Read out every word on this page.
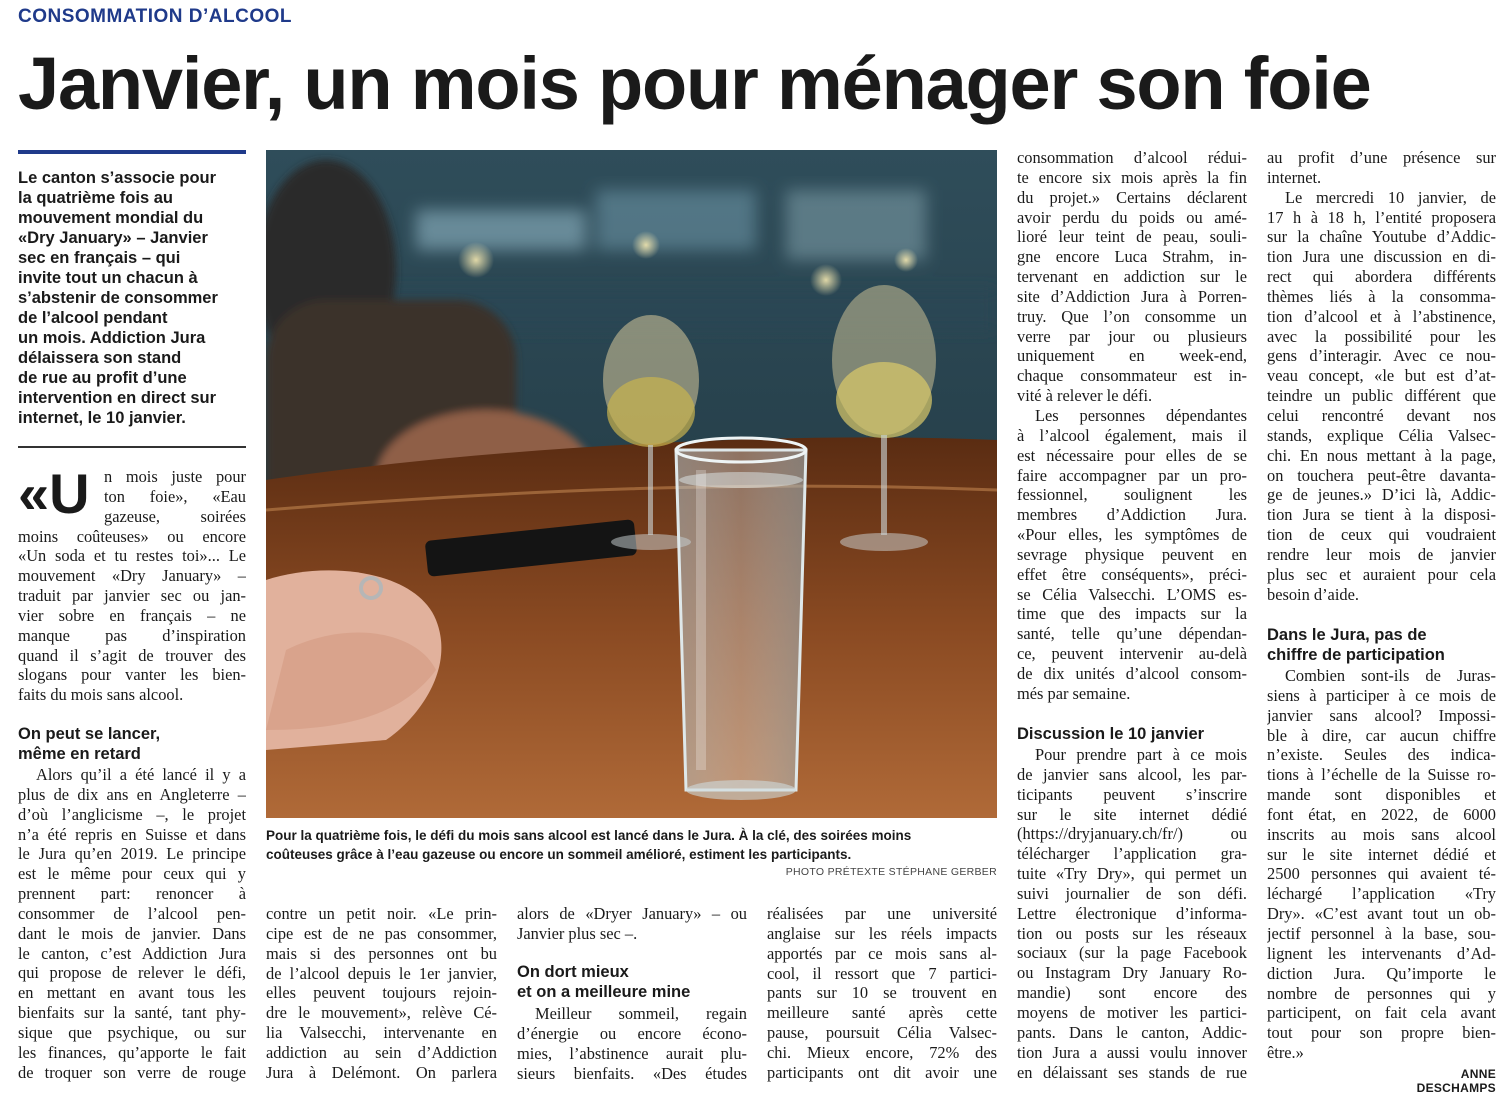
CONSOMMATION D’ALCOOL
Janvier, un mois pour ménager son foie
Le canton s’associe pour
la quatrième fois au
mouvement mondial du
«Dry January» – Janvier
sec en français – qui
invite tout un chacun à
s’abstenir de consommer
de l’alcool pendant
un mois. Addiction Jura
délaissera son stand
de rue au profit d’une
intervention en direct sur
internet, le 10 janvier.
«U n mois juste pour
ton foie», «Eau
gazeuse, soirées
moins coûteuses» ou encore
«Un soda et tu restes toi»... Le
mouvement «Dry January» –
traduit par janvier sec ou jan-
vier sobre en français – ne
manque pas d’inspiration
quand il s’agit de trouver des
slogans pour vanter les bien-
faits du mois sans alcool.
On peut se lancer,
même en retard
Alors qu’il a été lancé il y a
plus de dix ans en Angleterre –
d’où l’anglicisme –, le projet
n’a été repris en Suisse et dans
le Jura qu’en 2019. Le principe
est le même pour ceux qui y
prennent part: renoncer à
consommer de l’alcool pen-
dant le mois de janvier. Dans
le canton, c’est Addiction Jura
qui propose de relever le défi,
en mettant en avant tous les
bienfaits sur la santé, tant phy-
sique que psychique, ou sur
les finances, qu’apporte le fait
de troquer son verre de rouge
Pour la quatrième fois, le défi du mois sans alcool est lancé dans le Jura. À la clé, des soirées moins
coûteuses grâce à l’eau gazeuse ou encore un sommeil amélioré, estiment les participants.
PHOTO PRÉTEXTE STÉPHANE GERBER
contre un petit noir. «Le prin-
cipe est de ne pas consommer,
mais si des personnes ont bu
de l’alcool depuis le 1er janvier,
elles peuvent toujours rejoin-
dre le mouvement», relève Cé-
lia Valsecchi, intervenante en
addiction au sein d’Addiction
Jura à Delémont. On parlera
alors de «Dryer January» – ou
Janvier plus sec –.
On dort mieux
et on a meilleure mine
Meilleur sommeil, regain
d’énergie ou encore écono-
mies, l’abstinence aurait plu-
sieurs bienfaits. «Des études
réalisées par une université
anglaise sur les réels impacts
apportés par ce mois sans al-
cool, il ressort que 7 partici-
pants sur 10 se trouvent en
meilleure santé après cette
pause, poursuit Célia Valsec-
chi. Mieux encore, 72% des
participants ont dit avoir une
consommation d’alcool rédui-
te encore six mois après la fin
du projet.» Certains déclarent
avoir perdu du poids ou amé-
lioré leur teint de peau, souli-
gne encore Luca Strahm, in-
tervenant en addiction sur le
site d’Addiction Jura à Porren-
truy. Que l’on consomme un
verre par jour ou plusieurs
uniquement en week-end,
chaque consommateur est in-
vité à relever le défi.
Les personnes dépendantes
à l’alcool également, mais il
est nécessaire pour elles de se
faire accompagner par un pro-
fessionnel, soulignent les
membres d’Addiction Jura.
«Pour elles, les symptômes de
sevrage physique peuvent en
effet être conséquents», préci-
se Célia Valsecchi. L’OMS es-
time que des impacts sur la
santé, telle qu’une dépendan-
ce, peuvent intervenir au-delà
de dix unités d’alcool consom-
més par semaine.
Discussion le 10 janvier
Pour prendre part à ce mois
de janvier sans alcool, les par-
ticipants peuvent s’inscrire
sur le site internet dédié
(https://dryjanuary.ch/fr/) ou
télécharger l’application gra-
tuite «Try Dry», qui permet un
suivi journalier de son défi.
Lettre électronique d’informa-
tion ou posts sur les réseaux
sociaux (sur la page Facebook
ou Instagram Dry January Ro-
mandie) sont encore des
moyens de motiver les partici-
pants. Dans le canton, Addic-
tion Jura a aussi voulu innover
en délaissant ses stands de rue
au profit d’une présence sur
internet.
Le mercredi 10 janvier, de
17 h à 18 h, l’entité proposera
sur la chaîne Youtube d’Addic-
tion Jura une discussion en di-
rect qui abordera différents
thèmes liés à la consomma-
tion d’alcool et à l’abstinence,
avec la possibilité pour les
gens d’interagir. Avec ce nou-
veau concept, «le but est d’at-
teindre un public différent que
celui rencontré devant nos
stands, explique Célia Valsec-
chi. En nous mettant à la page,
on touchera peut-être davanta-
ge de jeunes.» D’ici là, Addic-
tion Jura se tient à la disposi-
tion de ceux qui voudraient
rendre leur mois de janvier
plus sec et auraient pour cela
besoin d’aide.
Dans le Jura, pas de
chiffre de participation
Combien sont-ils de Juras-
siens à participer à ce mois de
janvier sans alcool? Impossi-
ble à dire, car aucun chiffre
n’existe. Seules des indica-
tions à l’échelle de la Suisse ro-
mande sont disponibles et
font état, en 2022, de 6000
inscrits au mois sans alcool
sur le site internet dédié et
2500 personnes qui avaient té-
léchargé l’application «Try
Dry». «C’est avant tout un ob-
jectif personnel à la base, sou-
lignent les intervenants d’Ad-
diction Jura. Qu’importe le
nombre de personnes qui y
participent, on fait cela avant
tout pour son propre bien-
être.»
ANNE DESCHAMPS
